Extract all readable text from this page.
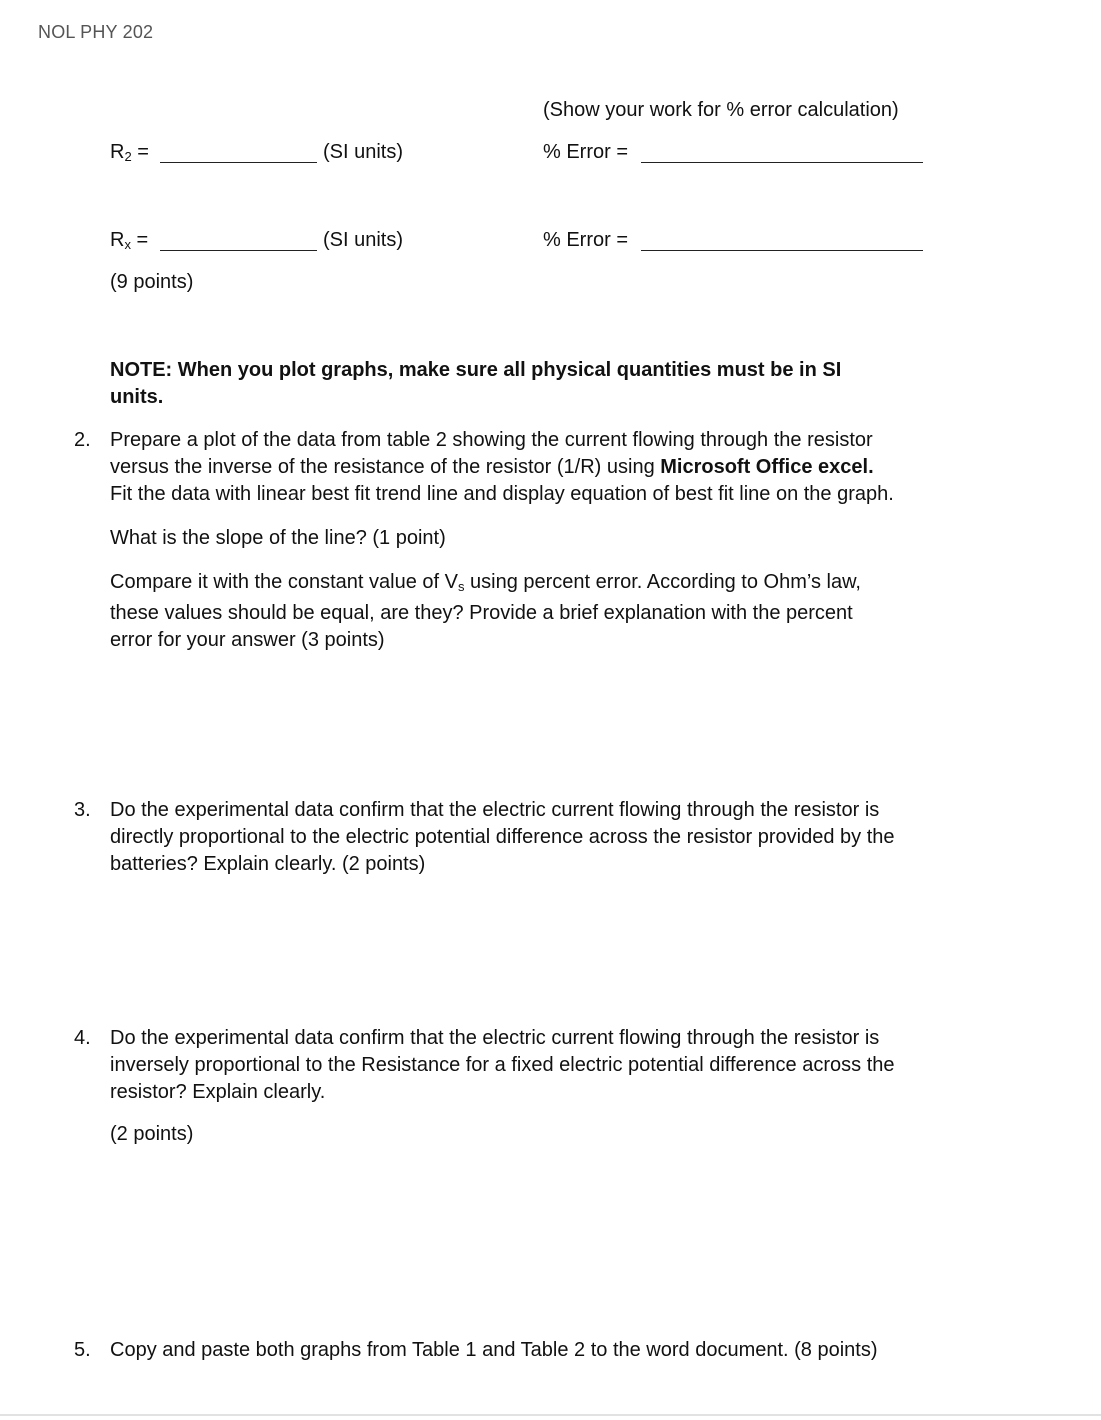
NOL PHY 202
(Show your work for % error calculation)
$R_2$ =	(SI units)	% Error =
$R_x$ =	(SI units)	% Error =
(9 points)
NOTE: When you plot graphs, make sure all physical quantities must be in SI
units.
2. Prepare a plot of the data from table 2 showing the current flowing through the resistor
versus the inverse of the resistance of the resistor (1/R) using Microsoft Office excel.
Fit the data with linear best fit trend line and display equation of best fit line on the graph.
What is the slope of the line? (1 point)
Compare it with the constant value of $V_s$ using percent error. According to Ohm’s law,
these values should be equal, are they? Provide a brief explanation with the percent
error for your answer (3 points)
3. Do the experimental data confirm that the electric current flowing through the resistor is
directly proportional to the electric potential difference across the resistor provided by the
batteries? Explain clearly. (2 points)
4. Do the experimental data confirm that the electric current flowing through the resistor is
inversely proportional to the Resistance for a fixed electric potential difference across the
resistor? Explain clearly.
(2 points)
5. Copy and paste both graphs from Table 1 and Table 2 to the word document. (8 points)
